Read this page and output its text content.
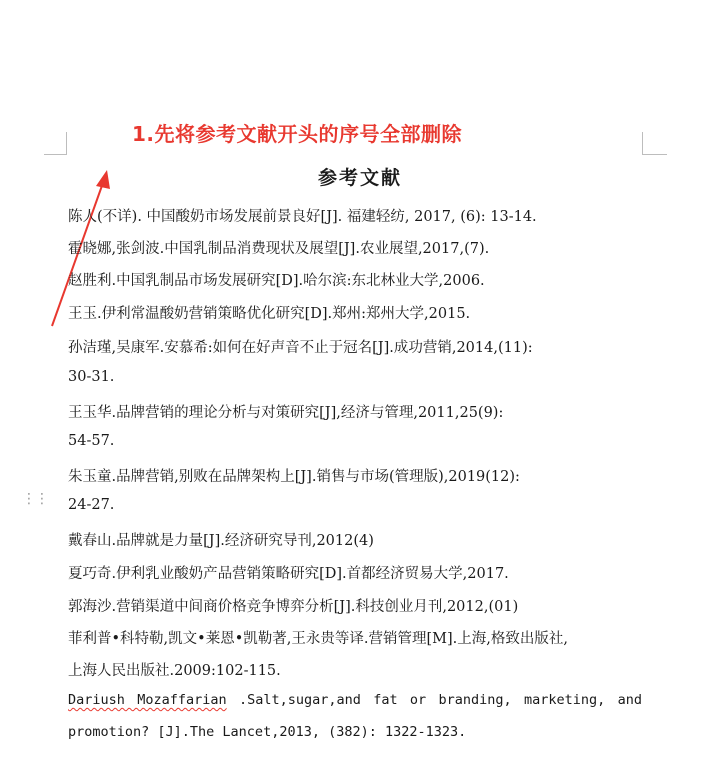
1.先将参考文献开头的序号全部删除
参考文献
陈人(不详). 中国酸奶市场发展前景良好[J]. 福建轻纺, 2017, (6): 13-14.
霍晓娜,张剑波.中国乳制品消费现状及展望[J].农业展望,2017,(7).
赵胜利.中国乳制品市场发展研究[D].哈尔滨:东北林业大学,2006.
王玉.伊利常温酸奶营销策略优化研究[D].郑州:郑州大学,2015.
孙洁瑾,吴康军.安慕希:如何在好声音不止于冠名[J].成功营销,2014,(11):
30-31.
王玉华.品牌营销的理论分析与对策研究[J],经济与管理,2011,25(9):
54-57.
朱玉童.品牌营销,别败在品牌架构上[J].销售与市场(管理版),2019(12):
24-27.
戴春山.品牌就是力量[J].经济研究导刊,2012(4)
夏巧奇.伊利乳业酸奶产品营销策略研究[D].首都经济贸易大学,2017.
郭海沙.营销渠道中间商价格竞争博弈分析[J].科技创业月刊,2012,(01)
菲利普•科特勒,凯文•莱恩•凯勒著,王永贵等译.营销管理[M].上海,格致出版社,
上海人民出版社.2009:102-115.
Dariush Mozaffarian .Salt,sugar,and fat or branding, marketing, and
promotion? [J].The Lancet,2013, (382): 1322-1323.
⋮⋮
